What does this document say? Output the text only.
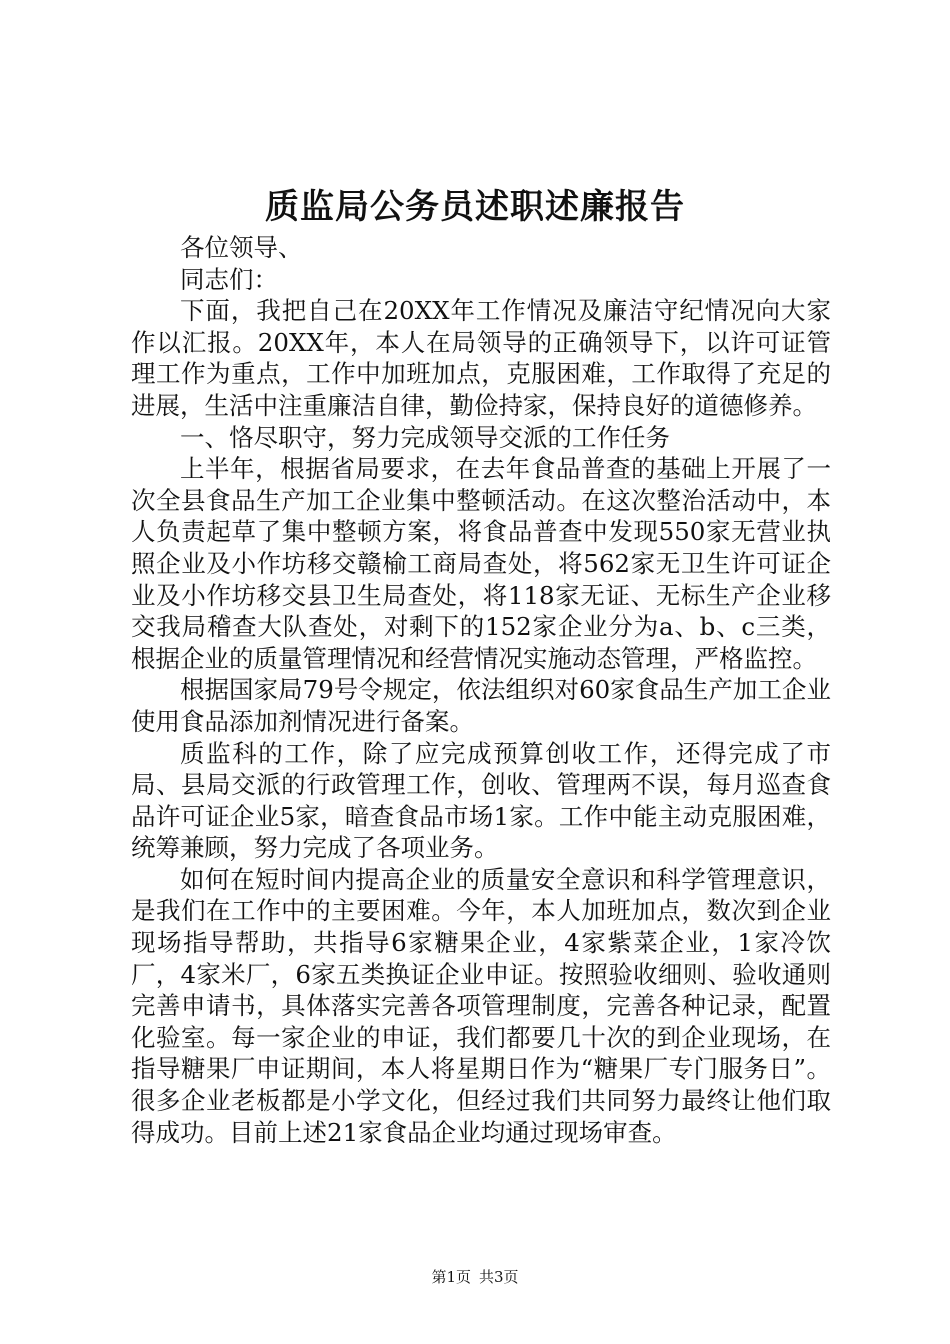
质监局公务员述职述廉报告

各位领导、

同志们：

下面，我把自己在20XX年工作情况及廉洁守纪情况向大家作以汇报。20XX年，本人在局领导的正确领导下，以许可证管理工作为重点，工作中加班加点，克服困难，工作取得了充足的进展，生活中注重廉洁自律，勤俭持家，保持良好的道德修养。

一、恪尽职守，努力完成领导交派的工作任务

上半年，根据省局要求，在去年食品普查的基础上开展了一次全县食品生产加工企业集中整顿活动。在这次整治活动中，本人负责起草了集中整顿方案，将食品普查中发现550家无营业执照企业及小作坊移交赣榆工商局查处，将562家无卫生许可证企业及小作坊移交县卫生局查处，将118家无证、无标生产企业移交我局稽查大队查处，对剩下的152家企业分为a、b、c三类，根据企业的质量管理情况和经营情况实施动态管理，严格监控。

根据国家局79号令规定，依法组织对60家食品生产加工企业使用食品添加剂情况进行备案。

质监科的工作，除了应完成预算创收工作，还得完成了市局、县局交派的行政管理工作，创收、管理两不误，每月巡查食品许可证企业5家，暗查食品市场1家。工作中能主动克服困难，统筹兼顾，努力完成了各项业务。

如何在短时间内提高企业的质量安全意识和科学管理意识，是我们在工作中的主要困难。今年，本人加班加点，数次到企业现场指导帮助，共指导6家糖果企业，4家紫菜企业，1家冷饮厂，4家米厂，6家五类换证企业申证。按照验收细则、验收通则完善申请书，具体落实完善各项管理制度，完善各种记录，配置化验室。每一家企业的申证，我们都要几十次的到企业现场，在指导糖果厂申证期间，本人将星期日作为“糖果厂专门服务日”。很多企业老板都是小学文化，但经过我们共同努力最终让他们取得成功。目前上述21家食品企业均通过现场审查。

第1页 共3页
